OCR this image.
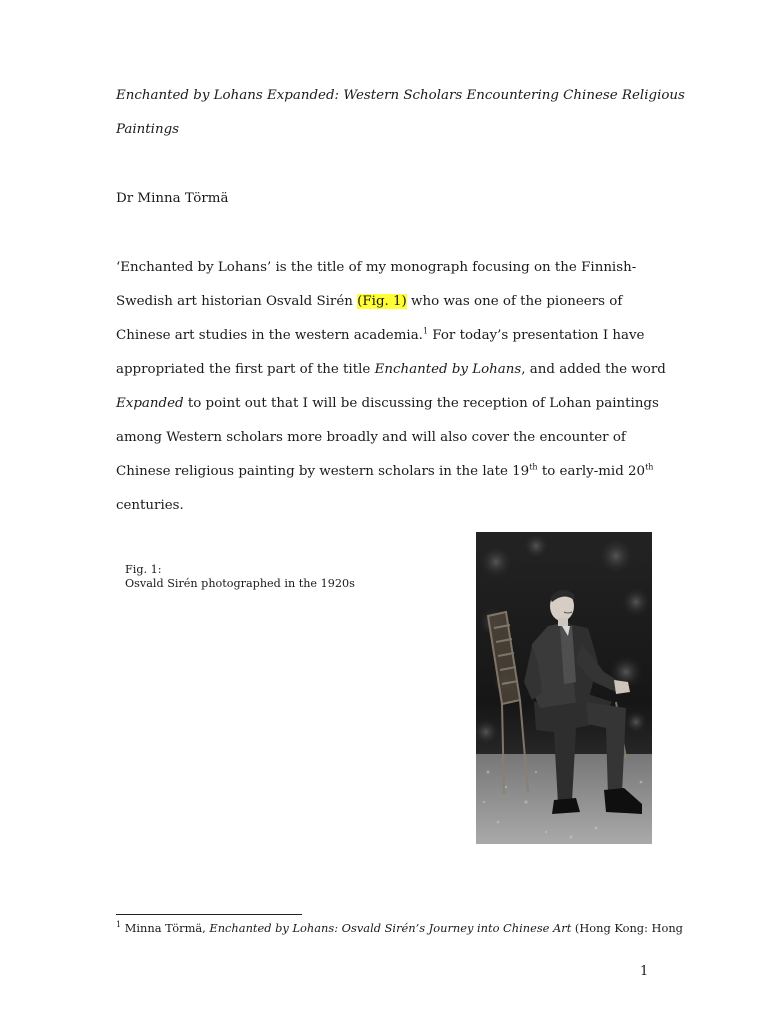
Enchanted by Lohans Expanded: Western Scholars Encountering Chinese Religious
Paintings
Dr Minna Törmä
‘Enchanted by Lohans’ is the title of my monograph focusing on the Finnish-
Swedish art historian Osvald Sirén (Fig. 1) who was one of the pioneers of
Chinese art studies in the western academia.$^1$ For today’s presentation I have
appropriated the first part of the title Enchanted by Lohans, and added the word
Expanded to point out that I will be discussing the reception of Lohan paintings
among Western scholars more broadly and will also cover the encounter of
Chinese religious painting by western scholars in the late 19th to early-mid 20th
centuries.
Fig. 1:
Osvald Sirén photographed in the 1920s
$^1$ Minna Törmä, Enchanted by Lohans: Osvald Sirén’s Journey into Chinese Art (Hong Kong: Hong
1
